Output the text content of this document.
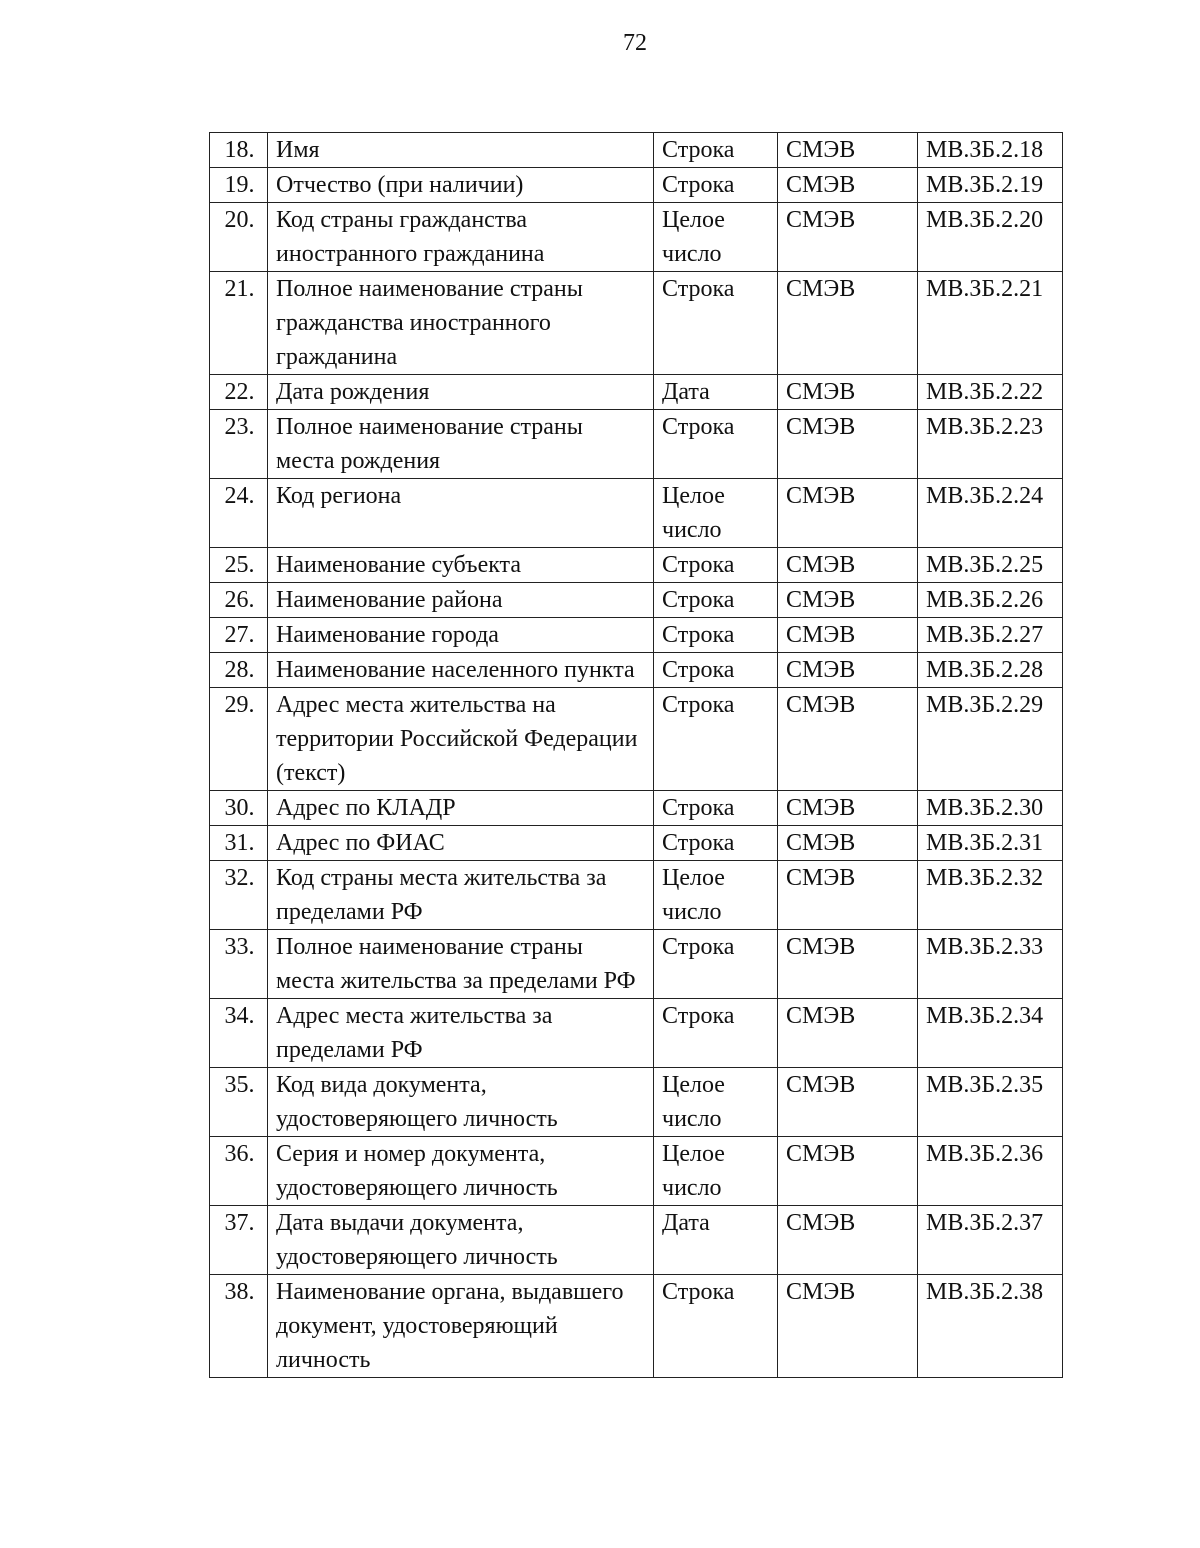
72
18.	Имя	Строка	СМЭВ	МВ.ЗБ.2.18
19.	Отчество (при наличии)	Строка	СМЭВ	МВ.ЗБ.2.19
20.	Код страны гражданства иностранного гражданина	Целое число	СМЭВ	МВ.ЗБ.2.20
21.	Полное наименование страны гражданства иностранного гражданина	Строка	СМЭВ	МВ.ЗБ.2.21
22.	Дата рождения	Дата	СМЭВ	МВ.ЗБ.2.22
23.	Полное наименование страны места рождения	Строка	СМЭВ	МВ.ЗБ.2.23
24.	Код региона	Целое число	СМЭВ	МВ.ЗБ.2.24
25.	Наименование субъекта	Строка	СМЭВ	МВ.ЗБ.2.25
26.	Наименование района	Строка	СМЭВ	МВ.ЗБ.2.26
27.	Наименование города	Строка	СМЭВ	МВ.ЗБ.2.27
28.	Наименование населенного пункта	Строка	СМЭВ	МВ.ЗБ.2.28
29.	Адрес места жительства на территории Российской Федерации (текст)	Строка	СМЭВ	МВ.ЗБ.2.29
30.	Адрес по КЛАДР	Строка	СМЭВ	МВ.ЗБ.2.30
31.	Адрес по ФИАС	Строка	СМЭВ	МВ.ЗБ.2.31
32.	Код страны места жительства за пределами РФ	Целое число	СМЭВ	МВ.ЗБ.2.32
33.	Полное наименование страны места жительства за пределами РФ	Строка	СМЭВ	МВ.ЗБ.2.33
34.	Адрес места жительства за пределами РФ	Строка	СМЭВ	МВ.ЗБ.2.34
35.	Код вида документа, удостоверяющего личность	Целое число	СМЭВ	МВ.ЗБ.2.35
36.	Серия и номер документа, удостоверяющего личность	Целое число	СМЭВ	МВ.ЗБ.2.36
37.	Дата выдачи документа, удостоверяющего личность	Дата	СМЭВ	МВ.ЗБ.2.37
38.	Наименование органа, выдавшего документ, удостоверяющий личность	Строка	СМЭВ	МВ.ЗБ.2.38
